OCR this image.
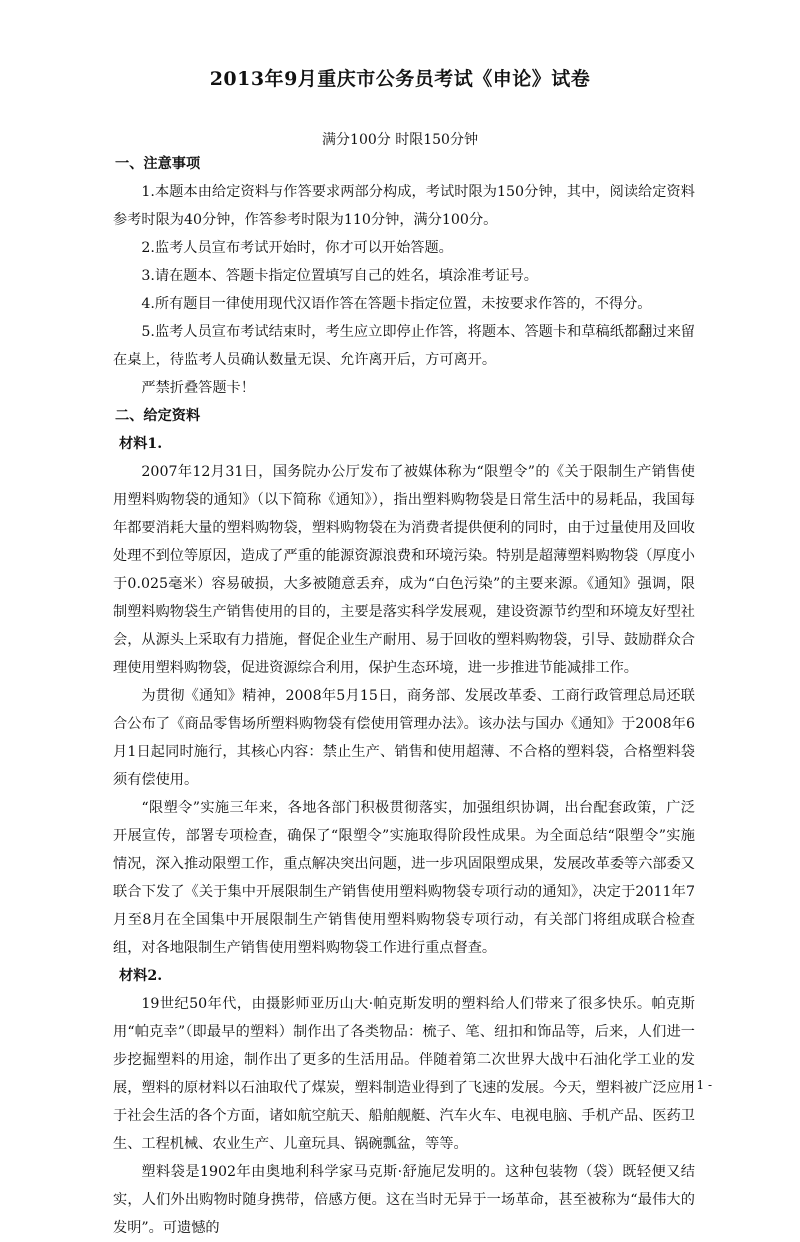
2013年9月重庆市公务员考试《申论》试卷
满分100分 时限150分钟

一、注意事项

1.本题本由给定资料与作答要求两部分构成，考试时限为150分钟，其中，阅读给定资料参考时限为40分钟，作答参考时限为110分钟，满分100分。

2.监考人员宣布考试开始时，你才可以开始答题。

3.请在题本、答题卡指定位置填写自己的姓名，填涂准考证号。

4.所有题目一律使用现代汉语作答在答题卡指定位置，未按要求作答的，不得分。

5.监考人员宣布考试结束时，考生应立即停止作答，将题本、答题卡和草稿纸都翻过来留在桌上，待监考人员确认数量无误、允许离开后，方可离开。

严禁折叠答题卡！

二、给定资料

材料1.

2007年12月31日，国务院办公厅发布了被媒体称为“限塑令”的《关于限制生产销售使用塑料购物袋的通知》（以下简称《通知》），指出塑料购物袋是日常生活中的易耗品，我国每年都要消耗大量的塑料购物袋，塑料购物袋在为消费者提供便利的同时，由于过量使用及回收处理不到位等原因，造成了严重的能源资源浪费和环境污染。特别是超薄塑料购物袋（厚度小于0.025毫米）容易破损，大多被随意丢弃，成为“白色污染”的主要来源。《通知》强调，限制塑料购物袋生产销售使用的目的，主要是落实科学发展观，建设资源节约型和环境友好型社会，从源头上采取有力措施，督促企业生产耐用、易于回收的塑料购物袋，引导、鼓励群众合理使用塑料购物袋，促进资源综合利用，保护生态环境，进一步推进节能减排工作。

为贯彻《通知》精神，2008年5月15日，商务部、发展改革委、工商行政管理总局还联合公布了《商品零售场所塑料购物袋有偿使用管理办法》。该办法与国办《通知》于2008年6月1日起同时施行，其核心内容：禁止生产、销售和使用超薄、不合格的塑料袋，合格塑料袋须有偿使用。

“限塑令”实施三年来，各地各部门积极贯彻落实，加强组织协调，出台配套政策，广泛开展宣传，部署专项检查，确保了“限塑令”实施取得阶段性成果。为全面总结“限塑令”实施情况，深入推动限塑工作，重点解决突出问题，进一步巩固限塑成果，发展改革委等六部委又联合下发了《关于集中开展限制生产销售使用塑料购物袋专项行动的通知》，决定于2011年7月至8月在全国集中开展限制生产销售使用塑料购物袋专项行动，有关部门将组成联合检查组，对各地限制生产销售使用塑料购物袋工作进行重点督查。

材料2.

19世纪50年代，由摄影师亚历山大·帕克斯发明的塑料给人们带来了很多快乐。帕克斯用“帕克幸”（即最早的塑料）制作出了各类物品：梳子、笔、纽扣和饰品等，后来，人们进一步挖掘塑料的用途，制作出了更多的生活用品。伴随着第二次世界大战中石油化学工业的发展，塑料的原材料以石油取代了煤炭，塑料制造业得到了飞速的发展。今天，塑料被广泛应用于社会生活的各个方面，诸如航空航天、船舶舰艇、汽车火车、电视电脑、手机产品、医药卫生、工程机械、农业生产、儿童玩具、锅碗瓢盆，等等。

塑料袋是1902年由奥地利科学家马克斯·舒施尼发明的。这种包装物（袋）既轻便又结实，人们外出购物时随身携带，倍感方便。这在当时无异于一场革命，甚至被称为“最伟大的发明”。可遗憾的

- 1 -
